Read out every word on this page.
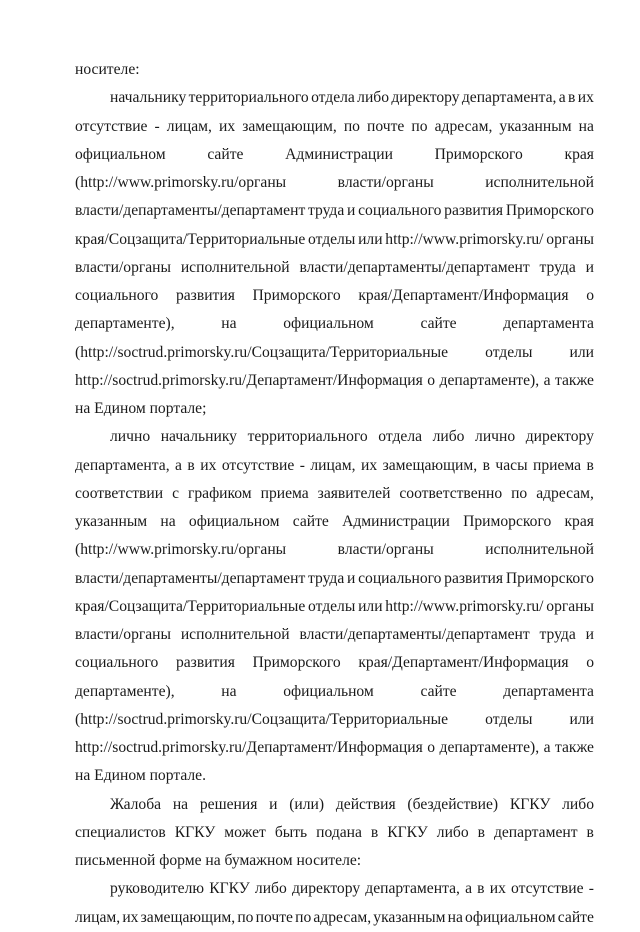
носителе:
начальнику территориального отдела либо директору департамента, а в их
отсутствие - лицам, их замещающим, по почте по адресам, указанным на
официальном	сайте	Администрации	Приморского	края
(http://www.primorsky.ru/органы	власти/органы	исполнительной
власти/департаменты/департамент труда и социального развития Приморского
края/Соцзащита/Территориальные отделы или http://www.primorsky.ru/ органы
власти/органы исполнительной власти/департаменты/департамент труда и
социального развития Приморского края/Департамент/Информация о
департаменте),	на	официальном	сайте	департамента
(http://soctrud.primorsky.ru/Соцзащита/Территориальные отделы или
http://soctrud.primorsky.ru/Департамент/Информация о департаменте), а также
на Едином портале;
лично начальнику территориального отдела либо лично директору
департамента, а в их отсутствие - лицам, их замещающим, в часы приема в
соответствии с графиком приема заявителей соответственно по адресам,
указанным на официальном сайте Администрации Приморского края
(http://www.primorsky.ru/органы	власти/органы	исполнительной
власти/департаменты/департамент труда и социального развития Приморского
края/Соцзащита/Территориальные отделы или http://www.primorsky.ru/ органы
власти/органы исполнительной власти/департаменты/департамент труда и
социального развития Приморского края/Департамент/Информация о
департаменте),	на	официальном	сайте	департамента
(http://soctrud.primorsky.ru/Соцзащита/Территориальные отделы или
http://soctrud.primorsky.ru/Департамент/Информация о департаменте), а также
на Едином портале.
Жалоба на решения и (или) действия (бездействие) КГКУ либо
специалистов КГКУ может быть подана в КГКУ либо в департамент в
письменной форме на бумажном носителе:
руководителю КГКУ либо директору департамента, а в их отсутствие -
лицам, их замещающим, по почте по адресам, указанным на официальном сайте
